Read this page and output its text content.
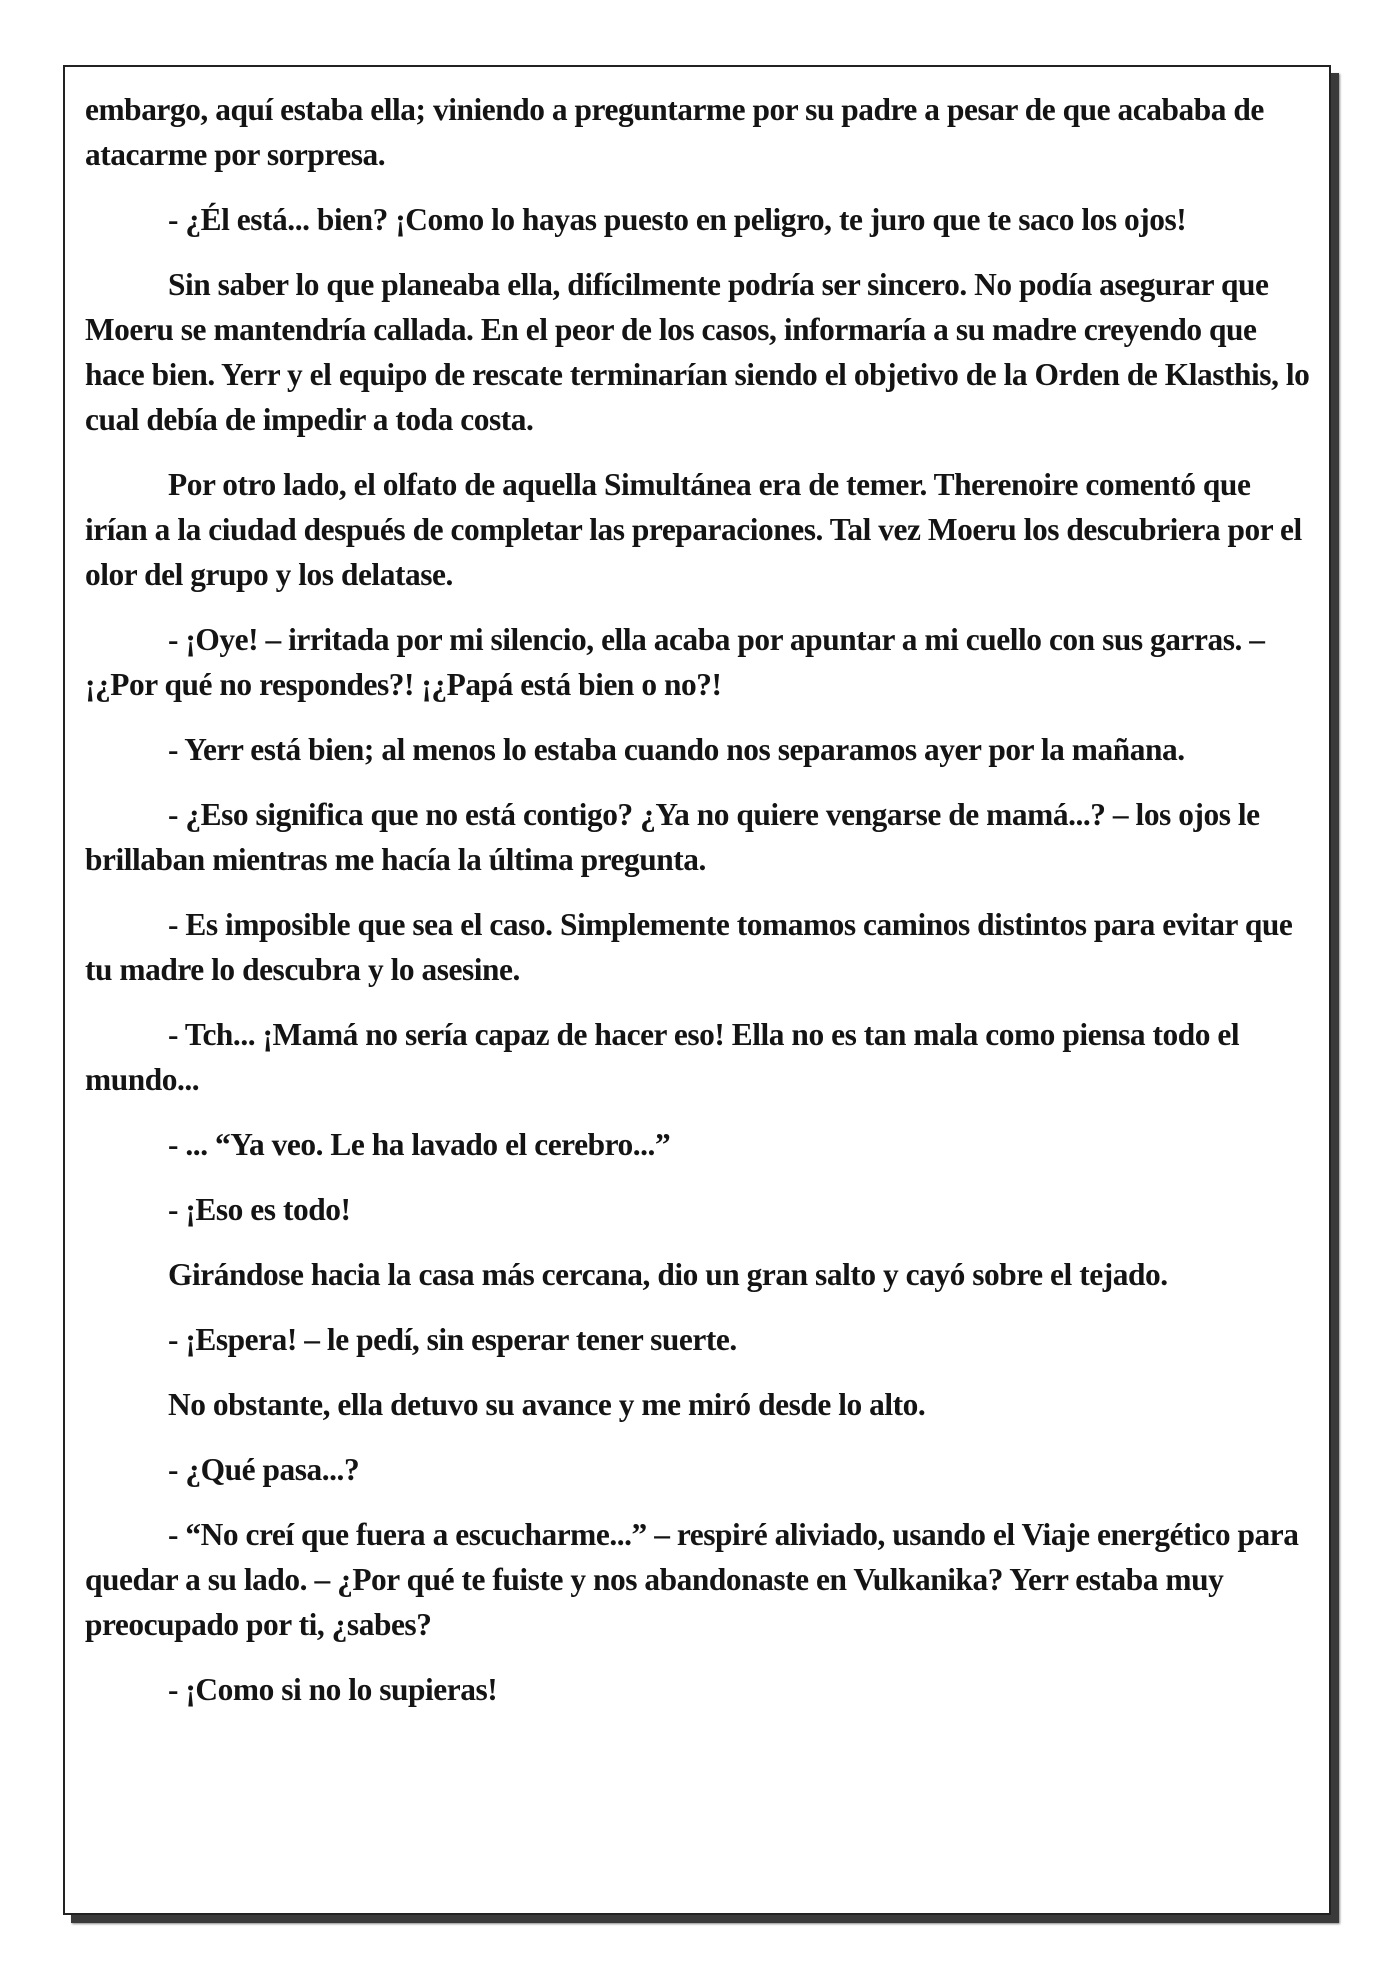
embargo, aquí estaba ella; viniendo a preguntarme por su padre a pesar de que acababa de atacarme por sorpresa.

- ¿Él está... bien? ¡Como lo hayas puesto en peligro, te juro que te saco los ojos!

Sin saber lo que planeaba ella, difícilmente podría ser sincero. No podía asegurar que Moeru se mantendría callada. En el peor de los casos, informaría a su madre creyendo que hace bien. Yerr y el equipo de rescate terminarían siendo el objetivo de la Orden de Klasthis, lo cual debía de impedir a toda costa.

Por otro lado, el olfato de aquella Simultánea era de temer. Therenoire comentó que irían a la ciudad después de completar las preparaciones. Tal vez Moeru los descubriera por el olor del grupo y los delatase.

- ¡Oye! – irritada por mi silencio, ella acaba por apuntar a mi cuello con sus garras. – ¡¿Por qué no respondes?! ¡¿Papá está bien o no?!

- Yerr está bien; al menos lo estaba cuando nos separamos ayer por la mañana.

- ¿Eso significa que no está contigo? ¿Ya no quiere vengarse de mamá...? – los ojos le brillaban mientras me hacía la última pregunta.

- Es imposible que sea el caso. Simplemente tomamos caminos distintos para evitar que tu madre lo descubra y lo asesine.

- Tch... ¡Mamá no sería capaz de hacer eso! Ella no es tan mala como piensa todo el mundo...

- ... “Ya veo. Le ha lavado el cerebro...”

- ¡Eso es todo!

Girándose hacia la casa más cercana, dio un gran salto y cayó sobre el tejado.

- ¡Espera! – le pedí, sin esperar tener suerte.

No obstante, ella detuvo su avance y me miró desde lo alto.

- ¿Qué pasa...?

- “No creí que fuera a escucharme...” – respiré aliviado, usando el Viaje energético para quedar a su lado. – ¿Por qué te fuiste y nos abandonaste en Vulkanika? Yerr estaba muy preocupado por ti, ¿sabes?

- ¡Como si no lo supieras!
